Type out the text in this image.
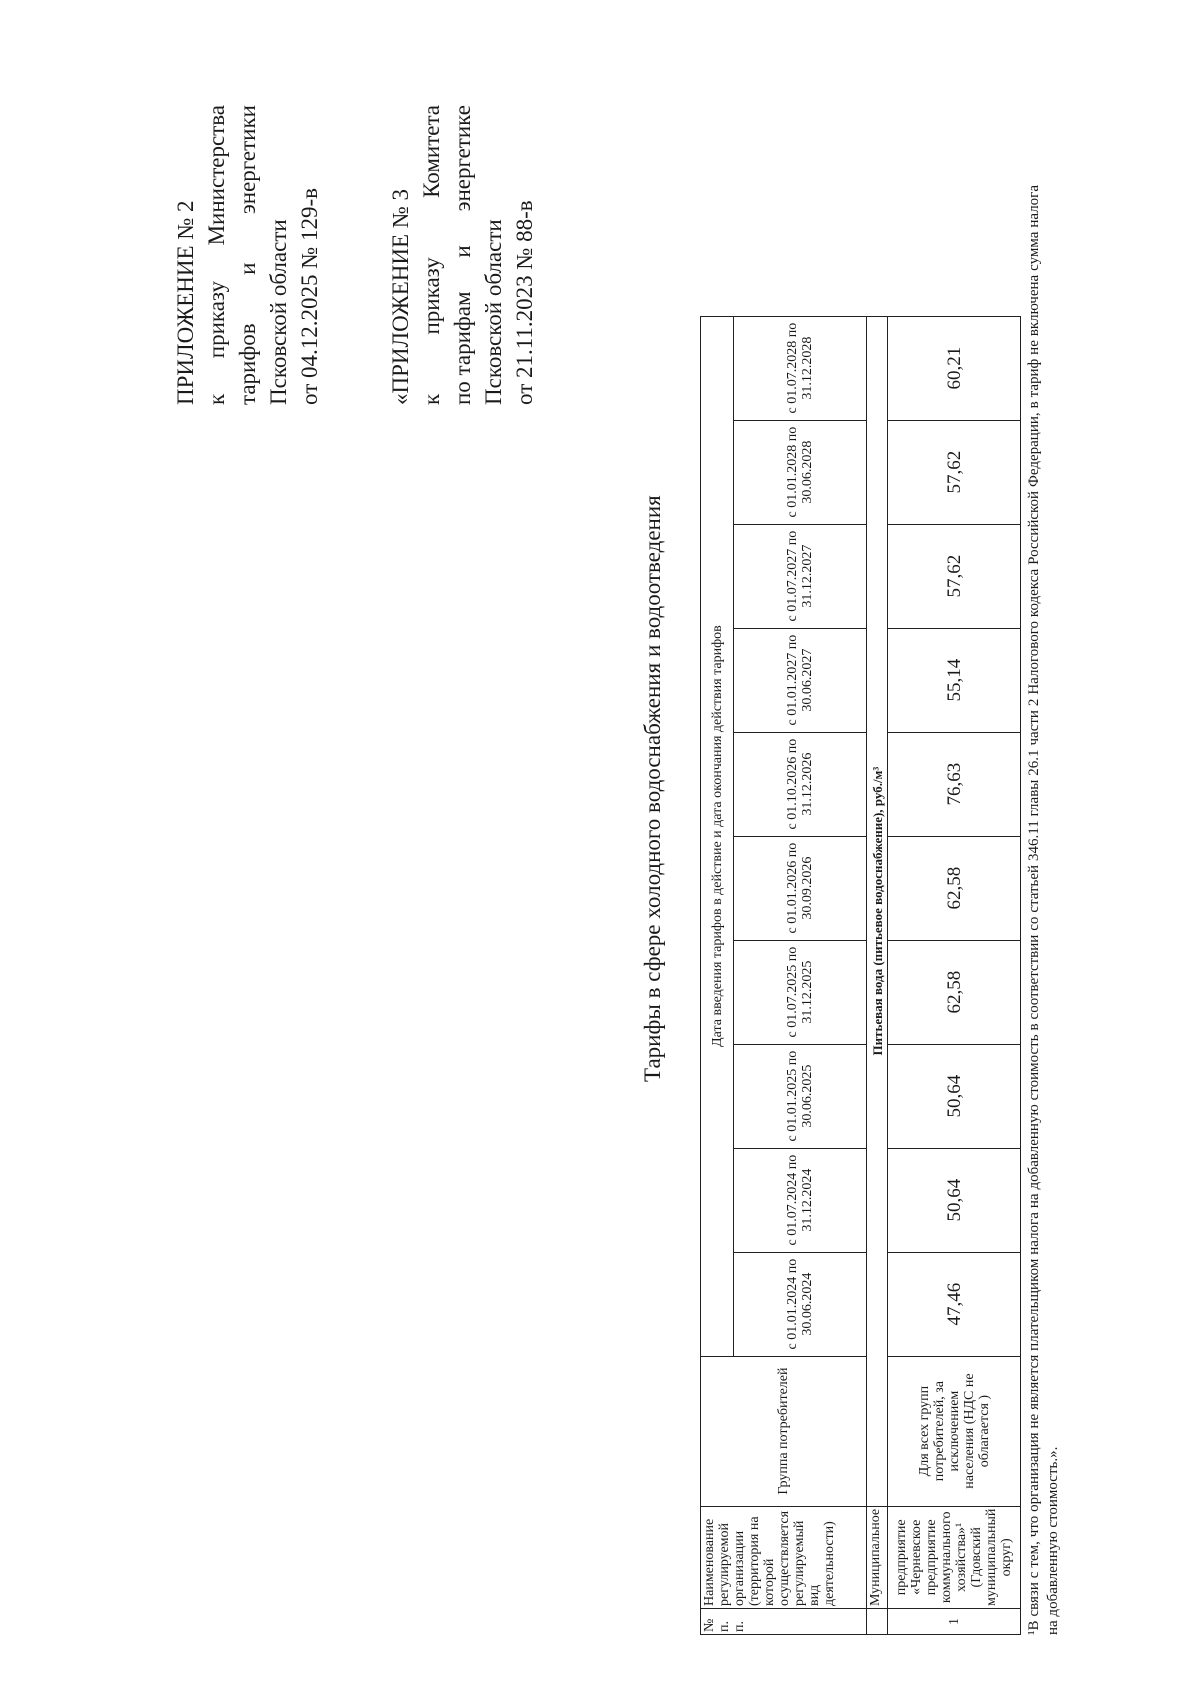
ПРИЛОЖЕНИЕ № 2 к
приказу
Министерства
тарифов
и
энергетики
Псковской области от 04.12.2025 № 129-в	«ПРИЛОЖЕНИЕ № 3 к
приказу
Комитета
по тарифам
и
энергетике
Псковской области от 21.11.2023 № 88-в
Тарифы в сфере холодного водоснабжения и водоотведения
№ п. п.	Наименование регулируемой организации (территория на которой осуществляется регулируемый вид деятельности)	Группа потребителей	Дата введения тарифов в действие и дата окончания действия тарифов									
			с 01.01.2024 по 30.06.2024	с 01.07.2024 по 31.12.2024	с 01.01.2025 по 30.06.2025	с 01.07.2025 по 31.12.2025	с 01.01.2026 по 30.09.2026	с 01.10.2026 по 31.12.2026	с 01.01.2027 по 30.06.2027	с 01.07.2027 по 31.12.2027	с 01.01.2028 по 30.06.2028	с 01.07.2028 по 31.12.2028
	Муниципальное	Питьевая вода (питьевое водоснабжение), руб./м³										
1	предприятие «Черневское предприятие коммунального хозяйства»¹ (Гдовский муниципальный округ)	Для всех групп потребителей, за исключением населения (НДС не облагается )	47,46	50,64	50,64	62,58	62,58	76,63	55,14	57,62	57,62	60,21	¹В связи с тем, что организация не является плательщиком налога на добавленную стоимость в соответствии со статьей 346.11 главы 26.1 части 2 Налогового кодекса Российской Федерации, в тариф не включена сумма налога на добавленную стоимость.».
